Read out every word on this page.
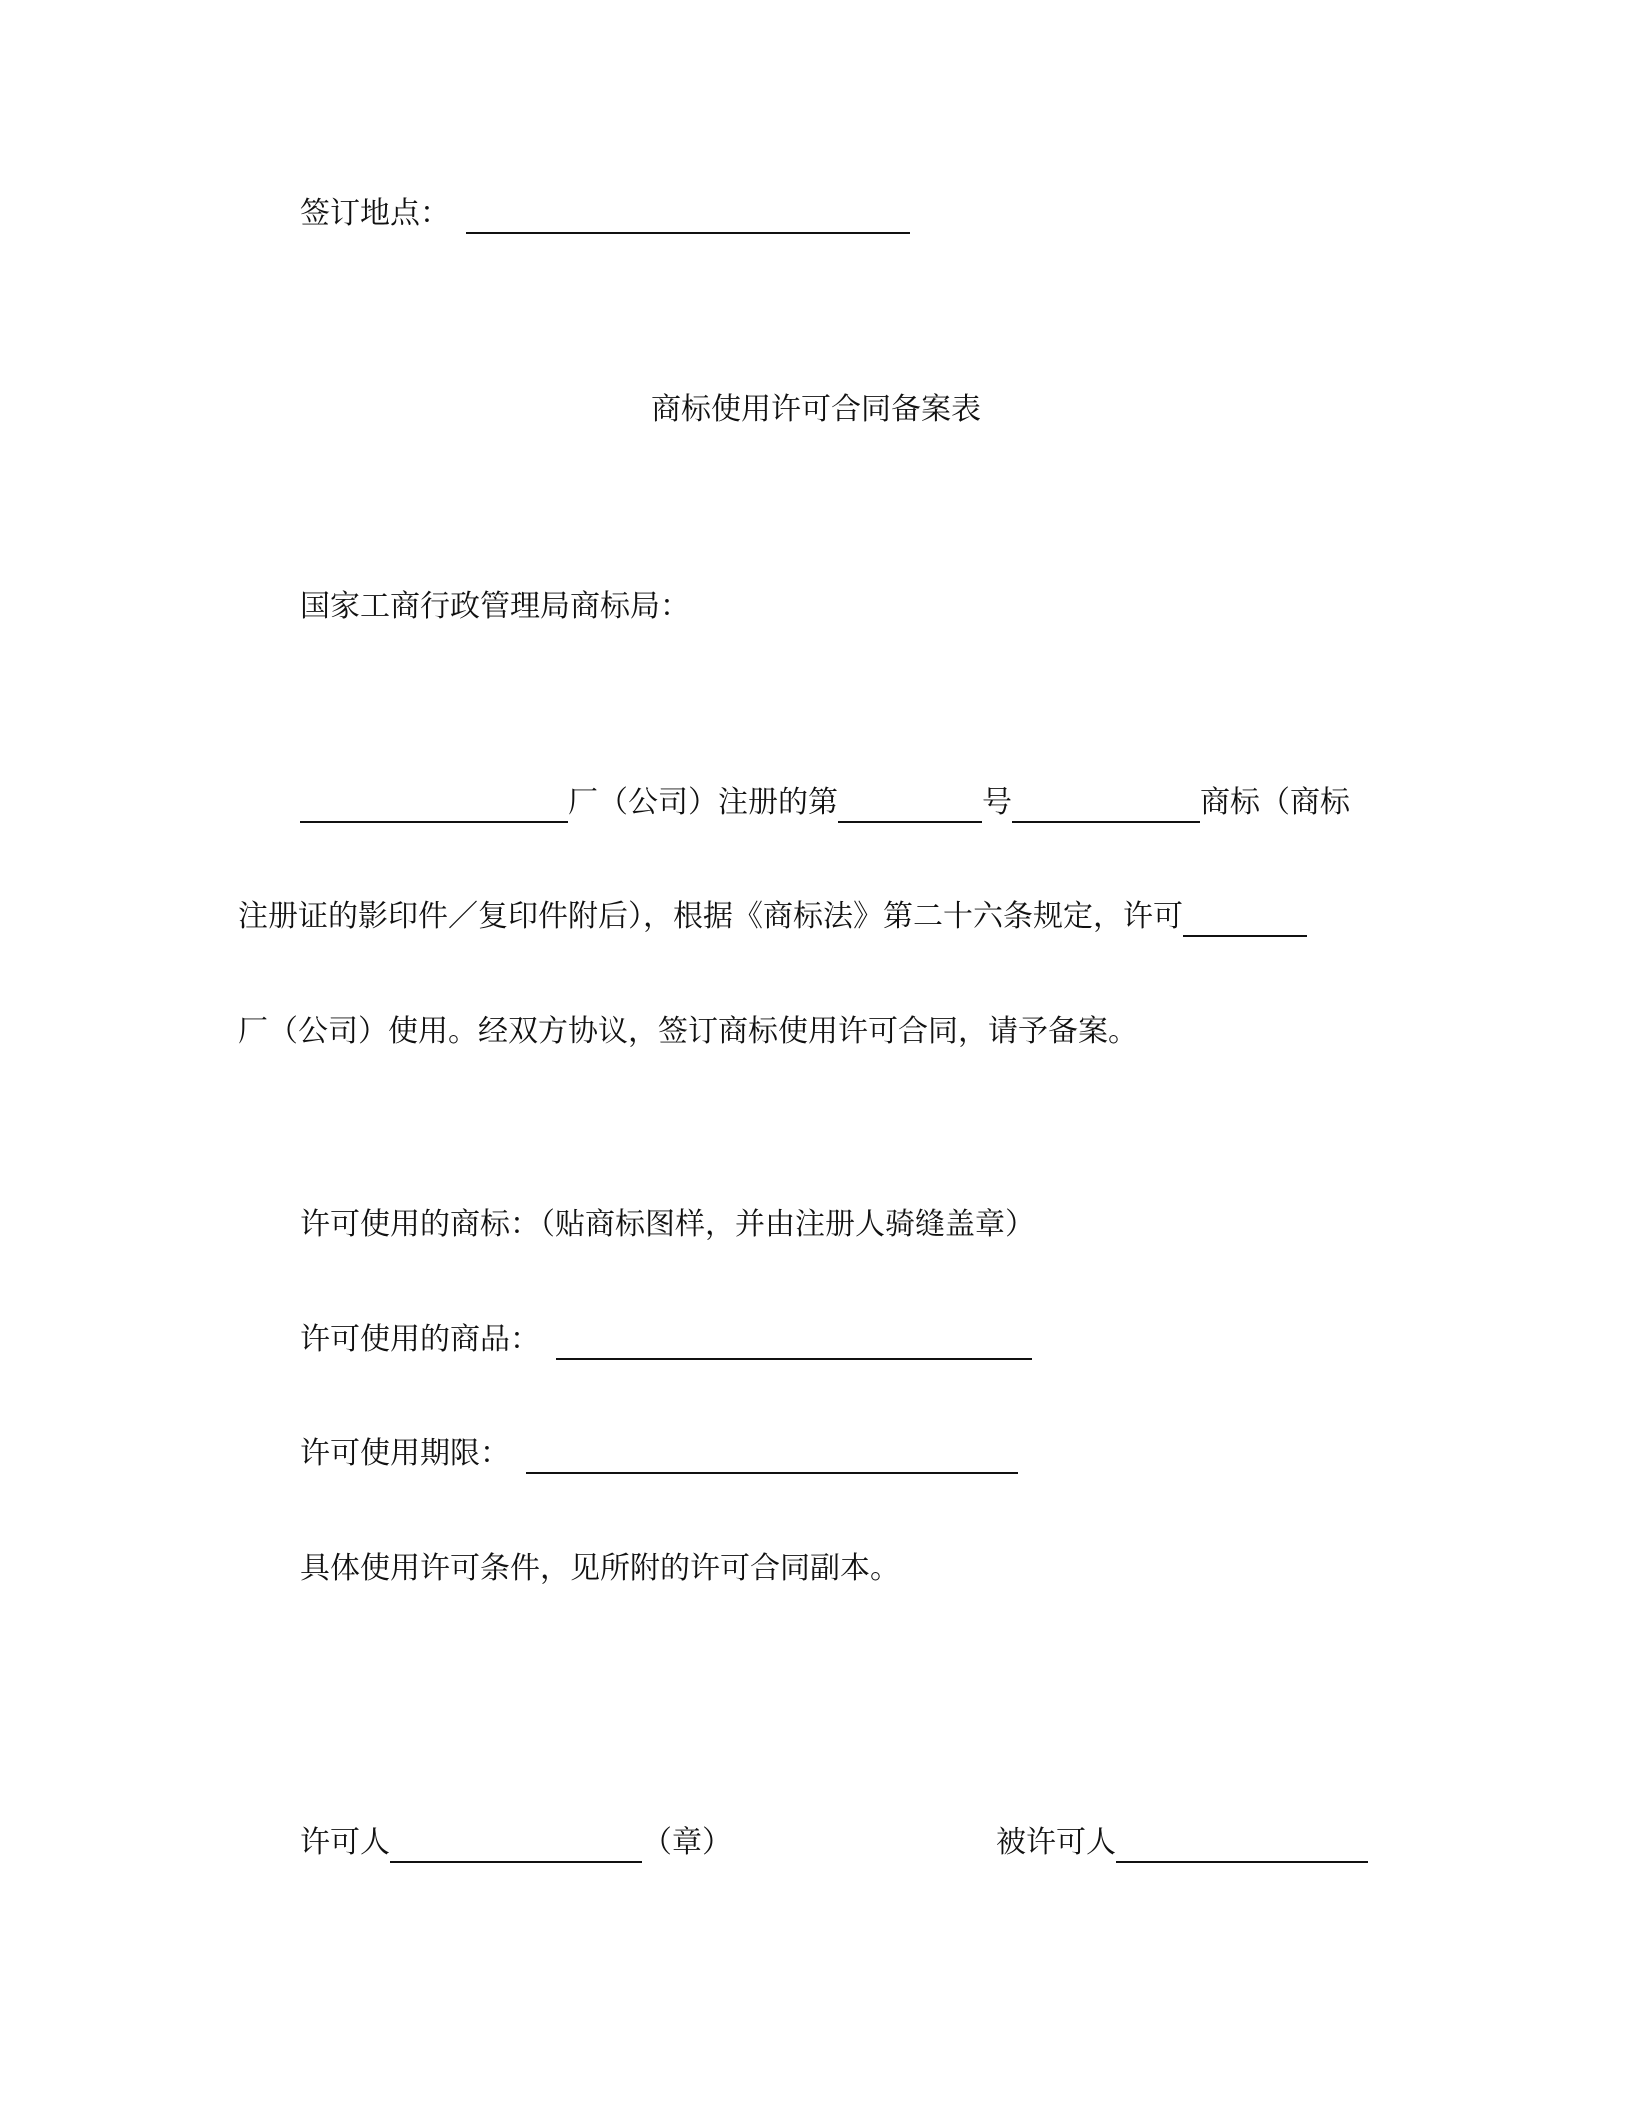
签订地点：
商标使用许可合同备案表
国家工商行政管理局商标局：
厂（公司）注册的第	号	商标（商标
注册证的影印件／复印件附后），根据《商标法》第二十六条规定，许可
厂（公司）使用。经双方协议，签订商标使用许可合同，请予备案。
许可使用的商标：（贴商标图样，并由注册人骑缝盖章）
许可使用的商品：
许可使用期限：
具体使用许可条件，见所附的许可合同副本。
许可人	（章）	被许可人
